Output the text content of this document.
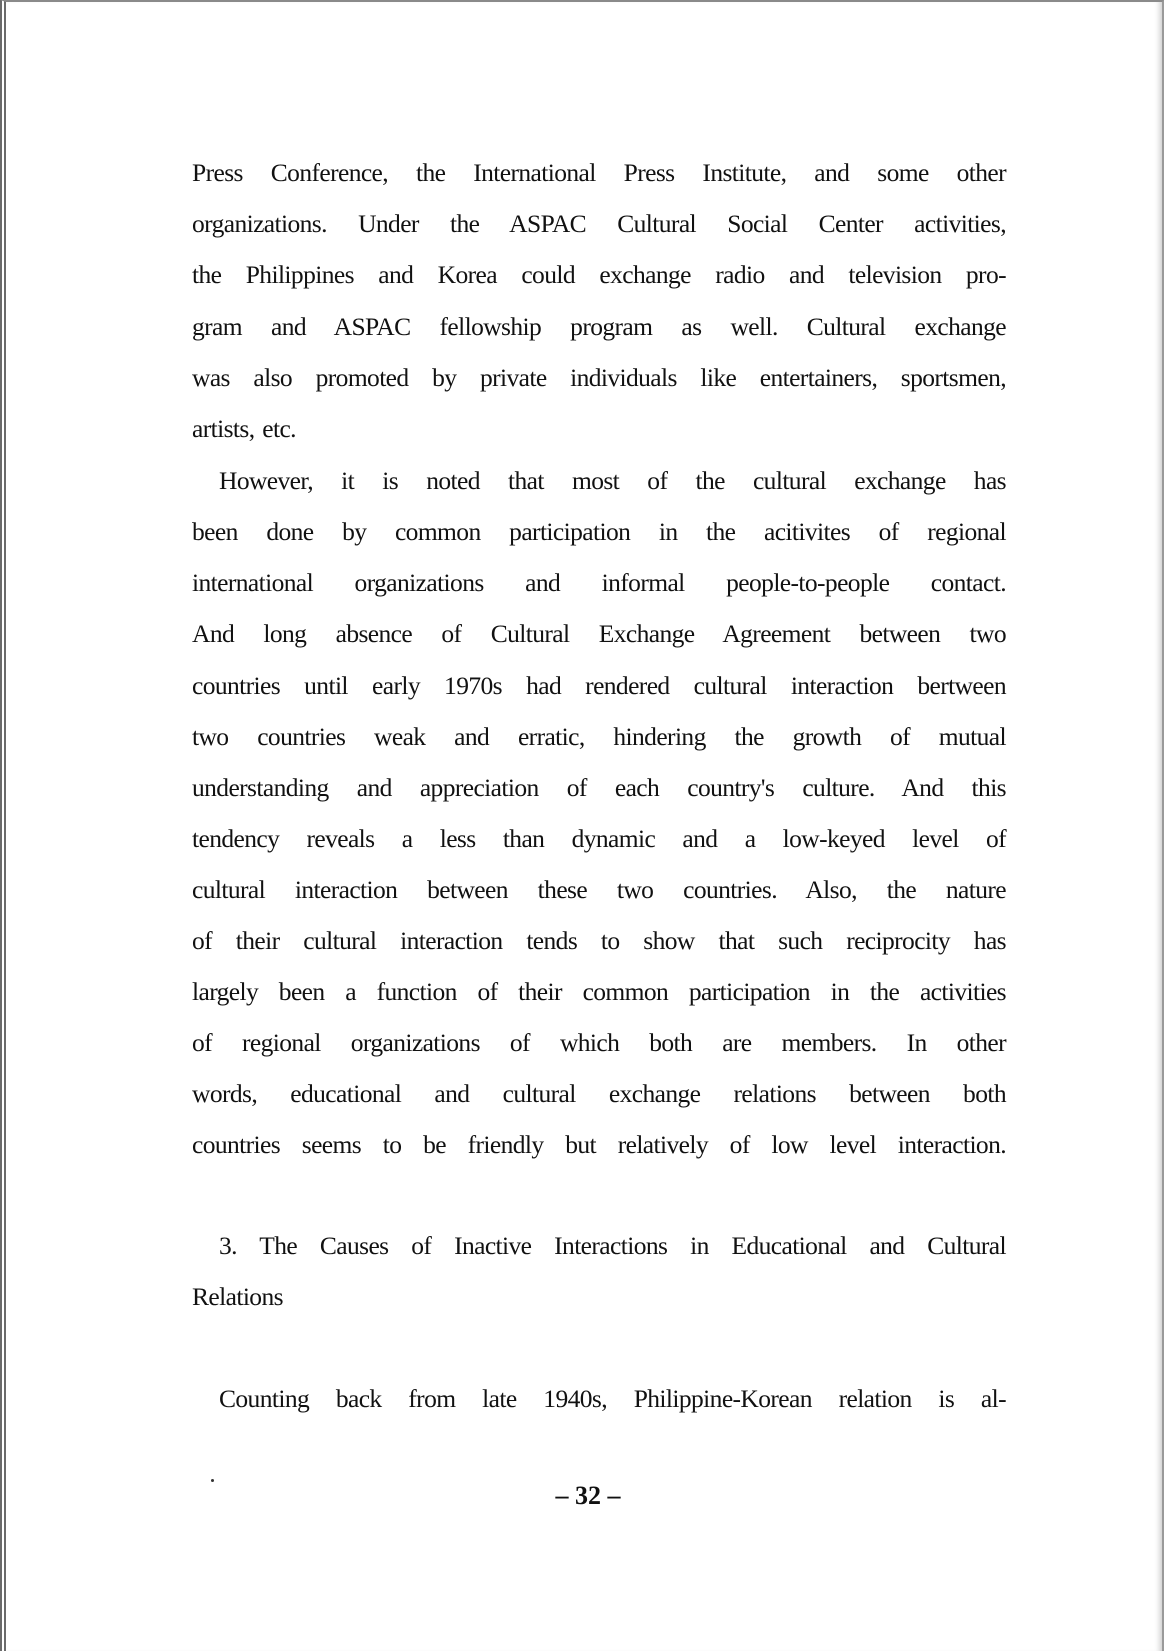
Press Conference, the International Press Institute, and some other
organizations. Under the ASPAC Cultural Social Center activities,
the Philippines and Korea could exchange radio and television pro-
gram and ASPAC fellowship program as well. Cultural exchange
was also promoted by private individuals like entertainers, sportsmen,
artists, etc.
However, it is noted that most of the cultural exchange has
been done by common participation in the acitivites of regional
international organizations and informal people-to-people contact.
And long absence of Cultural Exchange Agreement between two
countries until early 1970s had rendered cultural interaction bertween
two countries weak and erratic, hindering the growth of mutual
understanding and appreciation of each country's culture. And this
tendency reveals a less than dynamic and a low-keyed level of
cultural interaction between these two countries. Also, the nature
of their cultural interaction tends to show that such reciprocity has
largely been a function of their common participation in the activities
of regional organizations of which both are members. In other
words, educational and cultural exchange relations between both
countries seems to be friendly but relatively of low level interaction.
3. The Causes of Inactive Interactions in Educational and Cultural
Relations
Counting back from late 1940s, Philippine-Korean relation is al-
– 32 –
